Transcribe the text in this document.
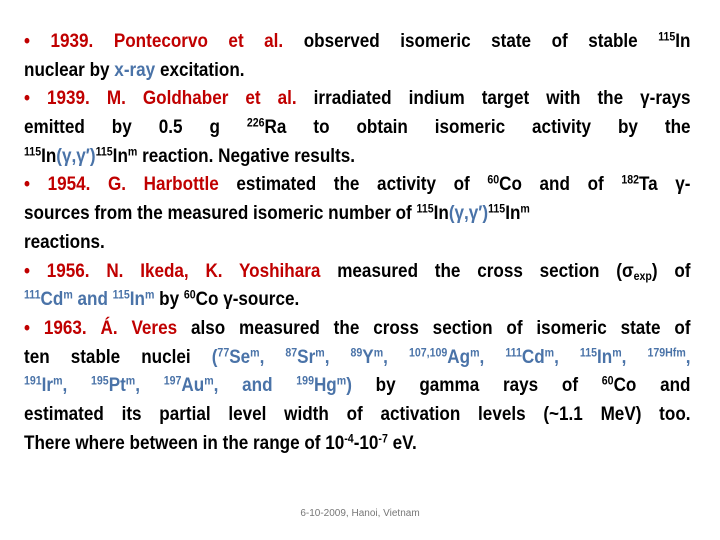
• 1939. Pontecorvo et al. observed isomeric state of stable $^{115}$In
nuclear by x-ray excitation.
• 1939. M. Goldhaber et al. irradiated indium target with the γ-rays
emitted by 0.5 g $^{226}$Ra to obtain isomeric activity by the
$^{115}In(\gamma,\gamma')^{115}In^m$ reaction. Negative results.
• 1954. G. Harbottle estimated the activity of $^{60}$Co and of $^{182}$Ta γ-
sources from the measured isomeric number of $^{115}In(\gamma,\gamma')^{115}In^m$
reactions.
• 1956. N. Ikeda, K. Yoshihara measured the cross section $(\sigma_{exp})$ of
$^{111}$Cd$^m$ and $^{115}$In$^m$ by $^{60}$Co γ-source.
• 1963. Á. Veres also measured the cross section of isomeric state of
ten stable nuclei ($^{77}$Se$^m$, $^{87}$Sr$^m$, $^{89}Y^m$, $^{107,109}$Ag$^m$, $^{111}$Cd$^m$, $^{115}$In$^m$, $^{179Hfm}$,
$^{191}$Ir$^m$, $^{195}$Pt$^m$, $^{197}$Au$^m$, and $^{199}$Hg$^m$) by gamma rays of $^{60}$Co and
estimated its partial level width of activation levels (~1.1 MeV) too.
There where between in the range of $10^{-4}-10^{-7}$ eV.
6-10-2009, Hanoi, Vietnam
